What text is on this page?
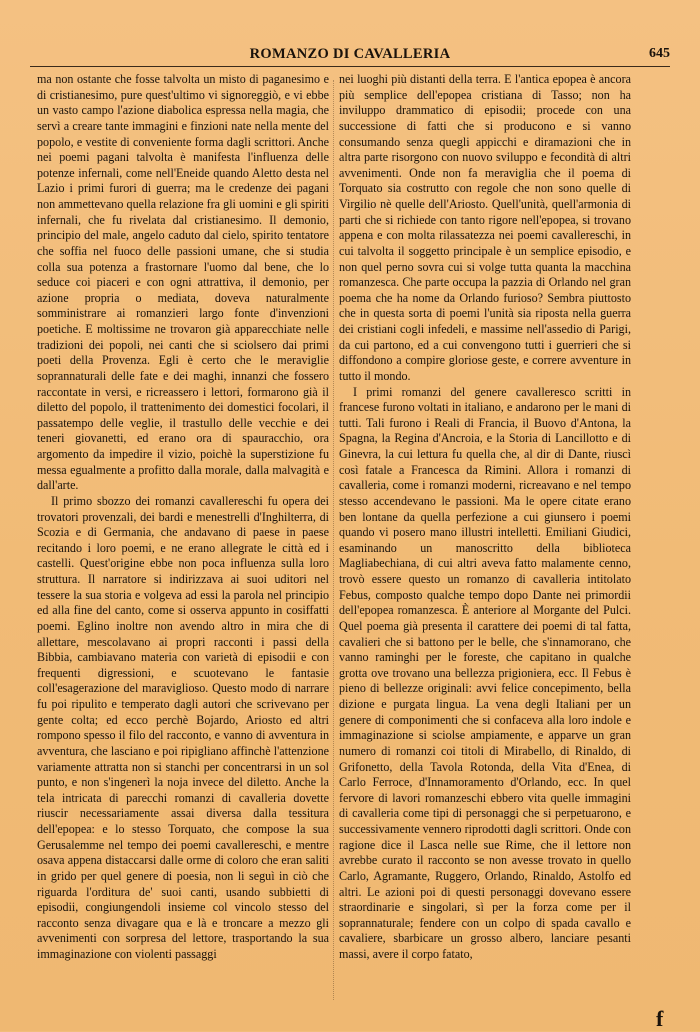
ROMANZO DI CAVALLERIA	645

ma non ostante che fosse talvolta un misto di paganesimo e di cristianesimo, pure quest'ultimo vi signoreggiò, e vi ebbe un vasto campo l'azione diabolica espressa nella magia, che servì a creare tante immagini e finzioni nate nella mente del popolo, e vestite di conveniente forma dagli scrittori. Anche nei poemi pagani talvolta è manifesta l'influenza delle potenze infernali, come nell'Eneide quando Aletto desta nel Lazio i primi furori di guerra; ma le credenze dei pagani non ammettevano quella relazione fra gli uomini e gli spiriti infernali, che fu rivelata dal cristianesimo. Il demonio, principio del male, angelo caduto dal cielo, spirito tentatore che soffia nel fuoco delle passioni umane, che si studia colla sua potenza a frastornare l'uomo dal bene, che lo seduce coi piaceri e con ogni attrattiva, il demonio, per azione propria o mediata, doveva naturalmente somministrare ai romanzieri largo fonte d'invenzioni poetiche. E moltissime ne trovaron già apparecchiate nelle tradizioni dei popoli, nei canti che si sciolsero dai primi poeti della Provenza. Egli è certo che le meraviglie soprannaturali delle fate e dei maghi, innanzi che fossero raccontate in versi, e ricreassero i lettori, formarono già il diletto del popolo, il trattenimento dei domestici focolari, il passatempo delle veglie, il trastullo delle vecchie e dei teneri giovanetti, ed erano ora di spauracchio, ora argomento da impedire il vizio, poichè la superstizione fu messa egualmente a profitto dalla morale, dalla malvagità e dall'arte.

Il primo sbozzo dei romanzi cavallereschi fu opera dei trovatori provenzali, dei bardi e menestrelli d'Inghilterra, di Scozia e di Germania, che andavano di paese in paese recitando i loro poemi, e ne erano allegrate le città ed i castelli. Quest'origine ebbe non poca influenza sulla loro struttura. Il narratore si indirizzava ai suoi uditori nel tessere la sua storia e volgeva ad essi la parola nel principio ed alla fine del canto, come si osserva appunto in cosiffatti poemi. Eglino inoltre non avendo altro in mira che di allettare, mescolavano ai propri racconti i passi della Bibbia, cambiavano materia con varietà di episodii e con frequenti digressioni, e scuotevano le fantasie coll'esagerazione del maraviglioso. Questo modo di narrare fu poi ripulito e temperato dagli autori che scrivevano per gente colta; ed ecco perchè Bojardo, Ariosto ed altri rompono spesso il filo del racconto, e vanno di avventura in avventura, che lasciano e poi ripigliano affinchè l'attenzione variamente attratta non si stanchi per concentrarsi in un sol punto, e non s'ingenerì la noja invece del diletto. Anche la tela intricata di parecchi romanzi di cavalleria dovette riuscir necessariamente assai diversa dalla tessitura dell'epopea: e lo stesso Torquato, che compose la sua Gerusalemme nel tempo dei poemi cavallereschi, e mentre osava appena distaccarsi dalle orme di coloro che eran saliti in grido per quel genere di poesia, non li seguì in ciò che riguarda l'orditura de' suoi canti, usando subbietti di episodii, congiungendoli insieme col vincolo stesso del racconto senza divagare qua e là e troncare a mezzo gli avvenimenti con sorpresa del lettore, trasportando la sua immaginazione con violenti passaggi

nei luoghi più distanti della terra. E l'antica epopea è ancora più semplice dell'epopea cristiana di Tasso; non ha inviluppo drammatico di episodii; procede con una successione di fatti che si producono e si vanno consumando senza quegli appicchi e diramazioni che in altra parte risorgono con nuovo sviluppo e fecondità di altri avvenimenti. Onde non fa meraviglia che il poema di Torquato sia costrutto con regole che non sono quelle di Virgilio nè quelle dell'Ariosto. Quell'unità, quell'armonia di parti che si richiede con tanto rigore nell'epopea, si trovano appena e con molta rilassatezza nei poemi cavallereschi, in cui talvolta il soggetto principale è un semplice episodio, e non quel perno sovra cui si volge tutta quanta la macchina romanzesca. Che parte occupa la pazzia di Orlando nel gran poema che ha nome da Orlando furioso? Sembra piuttosto che in questa sorta di poemi l'unità sia riposta nella guerra dei cristiani cogli infedeli, e massime nell'assedio di Parigi, da cui partono, ed a cui convengono tutti i guerrieri che si diffondono a compire gloriose geste, e correre avventure in tutto il mondo.

I primi romanzi del genere cavalleresco scritti in francese furono voltati in italiano, e andarono per le mani di tutti. Tali furono i Reali di Francia, il Buovo d'Antona, la Spagna, la Regina d'Ancroia, e la Storia di Lancillotto e di Ginevra, la cui lettura fu quella che, al dir di Dante, riuscì così fatale a Francesca da Rimini. Allora i romanzi di cavalleria, come i romanzi moderni, ricreavano e nel tempo stesso accendevano le passioni. Ma le opere citate erano ben lontane da quella perfezione a cui giunsero i poemi quando vi posero mano illustri intelletti. Emiliani Giudici, esaminando un manoscritto della biblioteca Magliabechiana, di cui altri aveva fatto malamente cenno, trovò essere questo un romanzo di cavalleria intitolato Febus, composto qualche tempo dopo Dante nei primordii dell'epopea romanzesca. È anteriore al Morgante del Pulci. Quel poema già presenta il carattere dei poemi di tal fatta, cavalieri che si battono per le belle, che s'innamorano, che vanno raminghi per le foreste, che capitano in qualche grotta ove trovano una bellezza prigioniera, ecc. Il Febus è pieno di bellezze originali: avvi felice concepimento, bella dizione e purgata lingua. La vena degli Italiani per un genere di componimenti che si confaceva alla loro indole e immaginazione si sciolse ampiamente, e apparve un gran numero di romanzi coi titoli di Mirabello, di Rinaldo, di Grifonetto, della Tavola Rotonda, della Vita d'Enea, di Carlo Ferroce, d'Innamoramento d'Orlando, ecc. In quel fervore di lavori romanzeschi ebbero vita quelle immagini di cavalleria come tipi di personaggi che si perpetuarono, e successivamente vennero riprodotti dagli scrittori. Onde con ragione dice il Lasca nelle sue Rime, che il lettore non avrebbe curato il racconto se non avesse trovato in quello Carlo, Agramante, Ruggero, Orlando, Rinaldo, Astolfo ed altri. Le azioni poi di questi personaggi dovevano essere straordinarie e singolari, sì per la forza come per il soprannaturale; fendere con un colpo di spada cavallo e cavaliere, sbarbicare un grosso albero, lanciare pesanti massi, avere il corpo fatato,

f
